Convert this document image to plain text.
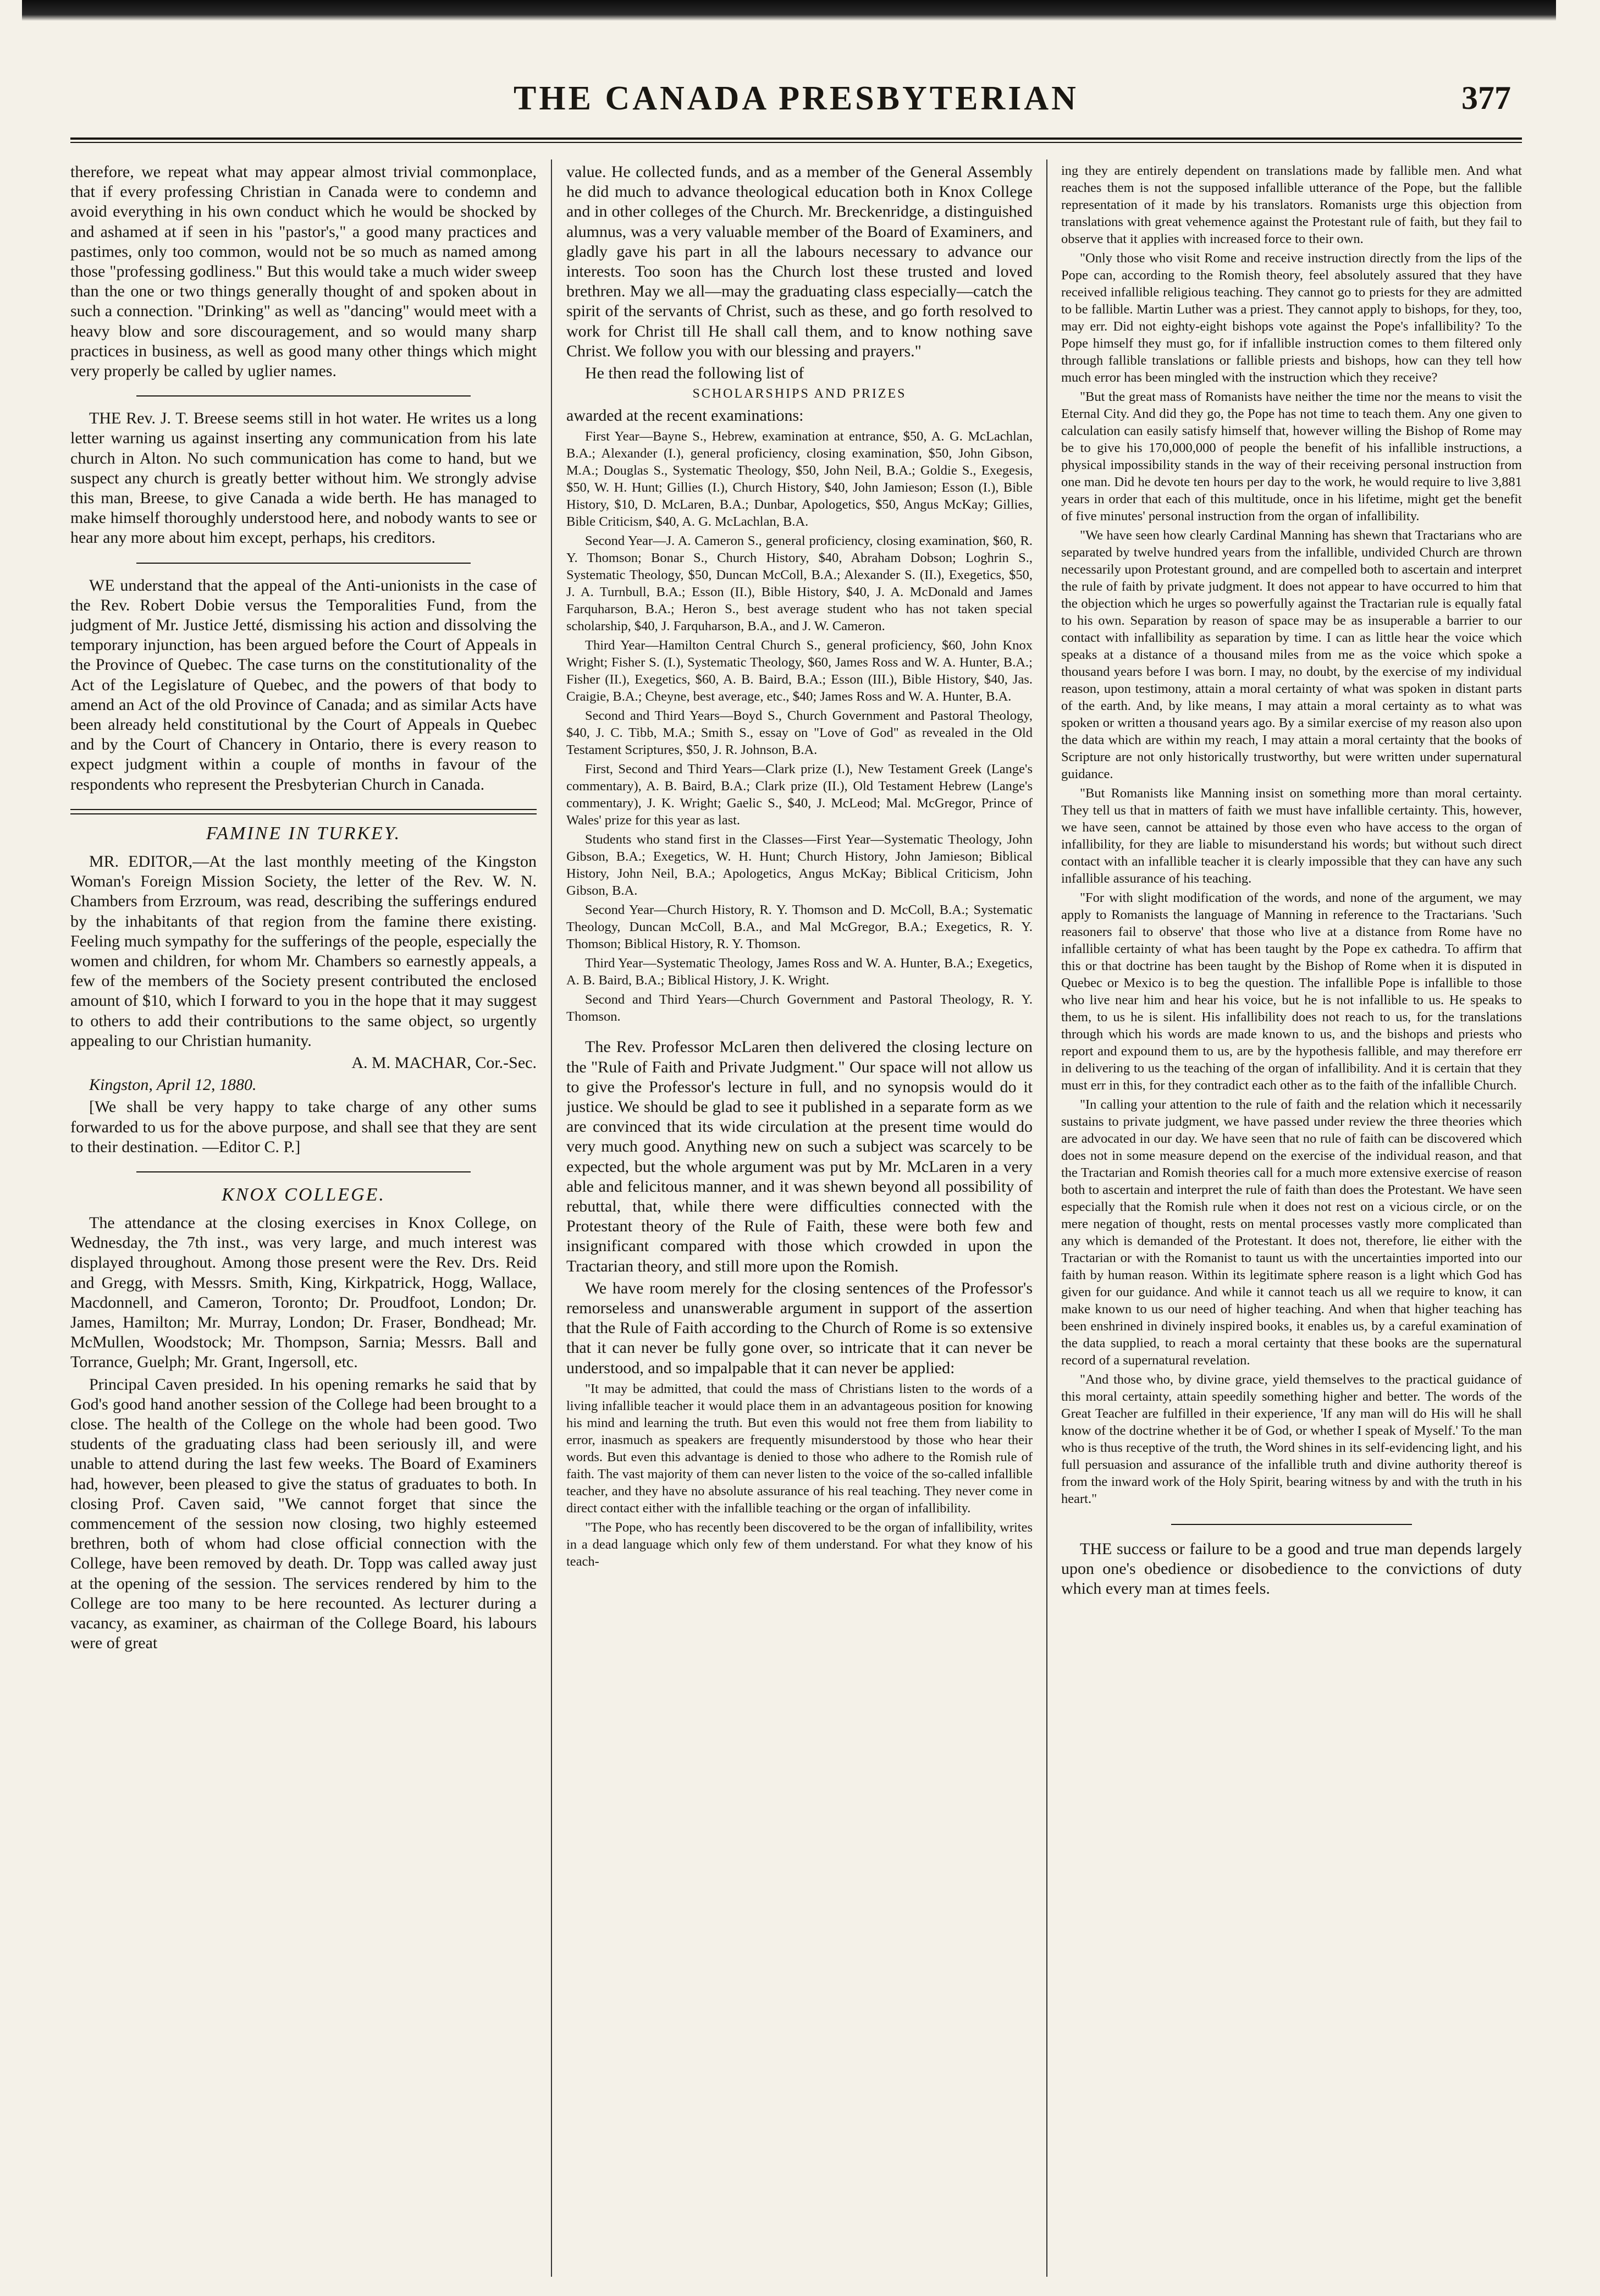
THE CANADA PRESBYTERIAN	377

therefore, we repeat what may appear almost trivial commonplace, that if every professing Christian in Canada were to condemn and avoid everything in his own conduct which he would be shocked by and ashamed at if seen in his "pastor's," a good many practices and pastimes, only too common, would not be so much as named among those "professing godliness." But this would take a much wider sweep than the one or two things generally thought of and spoken about in such a connection. "Drinking" as well as "dancing" would meet with a heavy blow and sore discouragement, and so would many sharp practices in business, as well as good many other things which might very properly be called by uglier names.

THE Rev. J. T. Breese seems still in hot water. He writes us a long letter warning us against inserting any communication from his late church in Alton. No such communication has come to hand, but we suspect any church is greatly better without him. We strongly advise this man, Breese, to give Canada a wide berth. He has managed to make himself thoroughly understood here, and nobody wants to see or hear any more about him except, perhaps, his creditors.

WE understand that the appeal of the Anti-unionists in the case of the Rev. Robert Dobie versus the Temporalities Fund, from the judgment of Mr. Justice Jetté, dismissing his action and dissolving the temporary injunction, has been argued before the Court of Appeals in the Province of Quebec. The case turns on the constitutionality of the Act of the Legislature of Quebec, and the powers of that body to amend an Act of the old Province of Canada; and as similar Acts have been already held constitutional by the Court of Appeals in Quebec and by the Court of Chancery in Ontario, there is every reason to expect judgment within a couple of months in favour of the respondents who represent the Presbyterian Church in Canada.

FAMINE IN TURKEY.

MR. EDITOR,—At the last monthly meeting of the Kingston Woman's Foreign Mission Society, the letter of the Rev. W. N. Chambers from Erzroum, was read, describing the sufferings endured by the inhabitants of that region from the famine there existing. Feeling much sympathy for the sufferings of the people, especially the women and children, for whom Mr. Chambers so earnestly appeals, a few of the members of the Society present contributed the enclosed amount of $10, which I forward to you in the hope that it may suggest to others to add their contributions to the same object, so urgently appealing to our Christian humanity.

A. M. MACHAR, Cor.-Sec.

Kingston, April 12, 1880.

[We shall be very happy to take charge of any other sums forwarded to us for the above purpose, and shall see that they are sent to their destination. —Editor C. P.]

KNOX COLLEGE.

The attendance at the closing exercises in Knox College, on Wednesday, the 7th inst., was very large, and much interest was displayed throughout. Among those present were the Rev. Drs. Reid and Gregg, with Messrs. Smith, King, Kirkpatrick, Hogg, Wallace, Macdonnell, and Cameron, Toronto; Dr. Proudfoot, London; Dr. James, Hamilton; Mr. Murray, London; Dr. Fraser, Bondhead; Mr. McMullen, Woodstock; Mr. Thompson, Sarnia; Messrs. Ball and Torrance, Guelph; Mr. Grant, Ingersoll, etc.

Principal Caven presided. In his opening remarks he said that by God's good hand another session of the College had been brought to a close. The health of the College on the whole had been good. Two students of the graduating class had been seriously ill, and were unable to attend during the last few weeks. The Board of Examiners had, however, been pleased to give the status of graduates to both. In closing Prof. Caven said, "We cannot forget that since the commencement of the session now closing, two highly esteemed brethren, both of whom had close official connection with the College, have been removed by death. Dr. Topp was called away just at the opening of the session. The services rendered by him to the College are too many to be here recounted. As lecturer during a vacancy, as examiner, as chairman of the College Board, his labours were of great

value. He collected funds, and as a member of the General Assembly he did much to advance theological education both in Knox College and in other colleges of the Church. Mr. Breckenridge, a distinguished alumnus, was a very valuable member of the Board of Examiners, and gladly gave his part in all the labours necessary to advance our interests. Too soon has the Church lost these trusted and loved brethren. May we all—may the graduating class especially—catch the spirit of the servants of Christ, such as these, and go forth resolved to work for Christ till He shall call them, and to know nothing save Christ. We follow you with our blessing and prayers."

He then read the following list of

SCHOLARSHIPS AND PRIZES

awarded at the recent examinations:

First Year—Bayne S., Hebrew, examination at entrance, $50, A. G. McLachlan, B.A.; Alexander (I.), general proficiency, closing examination, $50, John Gibson, M.A.; Douglas S., Systematic Theology, $50, John Neil, B.A.; Goldie S., Exegesis, $50, W. H. Hunt; Gillies (I.), Church History, $40, John Jamieson; Esson (I.), Bible History, $10, D. McLaren, B.A.; Dunbar, Apologetics, $50, Angus McKay; Gillies, Bible Criticism, $40, A. G. McLachlan, B.A.

Second Year—J. A. Cameron S., general proficiency, closing examination, $60, R. Y. Thomson; Bonar S., Church History, $40, Abraham Dobson; Loghrin S., Systematic Theology, $50, Duncan McColl, B.A.; Alexander S. (II.), Exegetics, $50, J. A. Turnbull, B.A.; Esson (II.), Bible History, $40, J. A. McDonald and James Farquharson, B.A.; Heron S., best average student who has not taken special scholarship, $40, J. Farquharson, B.A., and J. W. Cameron.

Third Year—Hamilton Central Church S., general proficiency, $60, John Knox Wright; Fisher S. (I.), Systematic Theology, $60, James Ross and W. A. Hunter, B.A.; Fisher (II.), Exegetics, $60, A. B. Baird, B.A.; Esson (III.), Bible History, $40, Jas. Craigie, B.A.; Cheyne, best average, etc., $40; James Ross and W. A. Hunter, B.A.

Second and Third Years—Boyd S., Church Government and Pastoral Theology, $40, J. C. Tibb, M.A.; Smith S., essay on "Love of God" as revealed in the Old Testament Scriptures, $50, J. R. Johnson, B.A.

First, Second and Third Years—Clark prize (I.), New Testament Greek (Lange's commentary), A. B. Baird, B.A.; Clark prize (II.), Old Testament Hebrew (Lange's commentary), J. K. Wright; Gaelic S., $40, J. McLeod; Mal. McGregor, Prince of Wales' prize for this year as last.

Students who stand first in the Classes—First Year—Systematic Theology, John Gibson, B.A.; Exegetics, W. H. Hunt; Church History, John Jamieson; Biblical History, John Neil, B.A.; Apologetics, Angus McKay; Biblical Criticism, John Gibson, B.A.

Second Year—Church History, R. Y. Thomson and D. McColl, B.A.; Systematic Theology, Duncan McColl, B.A., and Mal McGregor, B.A.; Exegetics, R. Y. Thomson; Biblical History, R. Y. Thomson.

Third Year—Systematic Theology, James Ross and W. A. Hunter, B.A.; Exegetics, A. B. Baird, B.A.; Biblical History, J. K. Wright.

Second and Third Years—Church Government and Pastoral Theology, R. Y. Thomson.

The Rev. Professor McLaren then delivered the closing lecture on the "Rule of Faith and Private Judgment." Our space will not allow us to give the Professor's lecture in full, and no synopsis would do it justice. We should be glad to see it published in a separate form as we are convinced that its wide circulation at the present time would do very much good. Anything new on such a subject was scarcely to be expected, but the whole argument was put by Mr. McLaren in a very able and felicitous manner, and it was shewn beyond all possibility of rebuttal, that, while there were difficulties connected with the Protestant theory of the Rule of Faith, these were both few and insignificant compared with those which crowded in upon the Tractarian theory, and still more upon the Romish.

We have room merely for the closing sentences of the Professor's remorseless and unanswerable argument in support of the assertion that the Rule of Faith according to the Church of Rome is so extensive that it can never be fully gone over, so intricate that it can never be understood, and so impalpable that it can never be applied:

"It may be admitted, that could the mass of Christians listen to the words of a living infallible teacher it would place them in an advantageous position for knowing his mind and learning the truth. But even this would not free them from liability to error, inasmuch as speakers are frequently misunderstood by those who hear their words. But even this advantage is denied to those who adhere to the Romish rule of faith. The vast majority of them can never listen to the voice of the so-called infallible teacher, and they have no absolute assurance of his real teaching. They never come in direct contact either with the infallible teaching or the organ of infallibility.

"The Pope, who has recently been discovered to be the organ of infallibility, writes in a dead language which only few of them understand. For what they know of his teach-

ing they are entirely dependent on translations made by fallible men. And what reaches them is not the supposed infallible utterance of the Pope, but the fallible representation of it made by his translators. Romanists urge this objection from translations with great vehemence against the Protestant rule of faith, but they fail to observe that it applies with increased force to their own.

"Only those who visit Rome and receive instruction directly from the lips of the Pope can, according to the Romish theory, feel absolutely assured that they have received infallible religious teaching. They cannot go to priests for they are admitted to be fallible. Martin Luther was a priest. They cannot apply to bishops, for they, too, may err. Did not eighty-eight bishops vote against the Pope's infallibility? To the Pope himself they must go, for if infallible instruction comes to them filtered only through fallible translations or fallible priests and bishops, how can they tell how much error has been mingled with the instruction which they receive?

"But the great mass of Romanists have neither the time nor the means to visit the Eternal City. And did they go, the Pope has not time to teach them. Any one given to calculation can easily satisfy himself that, however willing the Bishop of Rome may be to give his 170,000,000 of people the benefit of his infallible instructions, a physical impossibility stands in the way of their receiving personal instruction from one man. Did he devote ten hours per day to the work, he would require to live 3,881 years in order that each of this multitude, once in his lifetime, might get the benefit of five minutes' personal instruction from the organ of infallibility.

"We have seen how clearly Cardinal Manning has shewn that Tractarians who are separated by twelve hundred years from the infallible, undivided Church are thrown necessarily upon Protestant ground, and are compelled both to ascertain and interpret the rule of faith by private judgment. It does not appear to have occurred to him that the objection which he urges so powerfully against the Tractarian rule is equally fatal to his own. Separation by reason of space may be as insuperable a barrier to our contact with infallibility as separation by time. I can as little hear the voice which speaks at a distance of a thousand miles from me as the voice which spoke a thousand years before I was born. I may, no doubt, by the exercise of my individual reason, upon testimony, attain a moral certainty of what was spoken in distant parts of the earth. And, by like means, I may attain a moral certainty as to what was spoken or written a thousand years ago. By a similar exercise of my reason also upon the data which are within my reach, I may attain a moral certainty that the books of Scripture are not only historically trustworthy, but were written under supernatural guidance.

"But Romanists like Manning insist on something more than moral certainty. They tell us that in matters of faith we must have infallible certainty. This, however, we have seen, cannot be attained by those even who have access to the organ of infallibility, for they are liable to misunderstand his words; but without such direct contact with an infallible teacher it is clearly impossible that they can have any such infallible assurance of his teaching.

"For with slight modification of the words, and none of the argument, we may apply to Romanists the language of Manning in reference to the Tractarians. 'Such reasoners fail to observe' that those who live at a distance from Rome have no infallible certainty of what has been taught by the Pope ex cathedra. To affirm that this or that doctrine has been taught by the Bishop of Rome when it is disputed in Quebec or Mexico is to beg the question. The infallible Pope is infallible to those who live near him and hear his voice, but he is not infallible to us. He speaks to them, to us he is silent. His infallibility does not reach to us, for the translations through which his words are made known to us, and the bishops and priests who report and expound them to us, are by the hypothesis fallible, and may therefore err in delivering to us the teaching of the organ of infallibility. And it is certain that they must err in this, for they contradict each other as to the faith of the infallible Church.

"In calling your attention to the rule of faith and the relation which it necessarily sustains to private judgment, we have passed under review the three theories which are advocated in our day. We have seen that no rule of faith can be discovered which does not in some measure depend on the exercise of the individual reason, and that the Tractarian and Romish theories call for a much more extensive exercise of reason both to ascertain and interpret the rule of faith than does the Protestant. We have seen especially that the Romish rule when it does not rest on a vicious circle, or on the mere negation of thought, rests on mental processes vastly more complicated than any which is demanded of the Protestant. It does not, therefore, lie either with the Tractarian or with the Romanist to taunt us with the uncertainties imported into our faith by human reason. Within its legitimate sphere reason is a light which God has given for our guidance. And while it cannot teach us all we require to know, it can make known to us our need of higher teaching. And when that higher teaching has been enshrined in divinely inspired books, it enables us, by a careful examination of the data supplied, to reach a moral certainty that these books are the supernatural record of a supernatural revelation.

"And those who, by divine grace, yield themselves to the practical guidance of this moral certainty, attain speedily something higher and better. The words of the Great Teacher are fulfilled in their experience, 'If any man will do His will he shall know of the doctrine whether it be of God, or whether I speak of Myself.' To the man who is thus receptive of the truth, the Word shines in its self-evidencing light, and his full persuasion and assurance of the infallible truth and divine authority thereof is from the inward work of the Holy Spirit, bearing witness by and with the truth in his heart."

THE success or failure to be a good and true man depends largely upon one's obedience or disobedience to the convictions of duty which every man at times feels.
